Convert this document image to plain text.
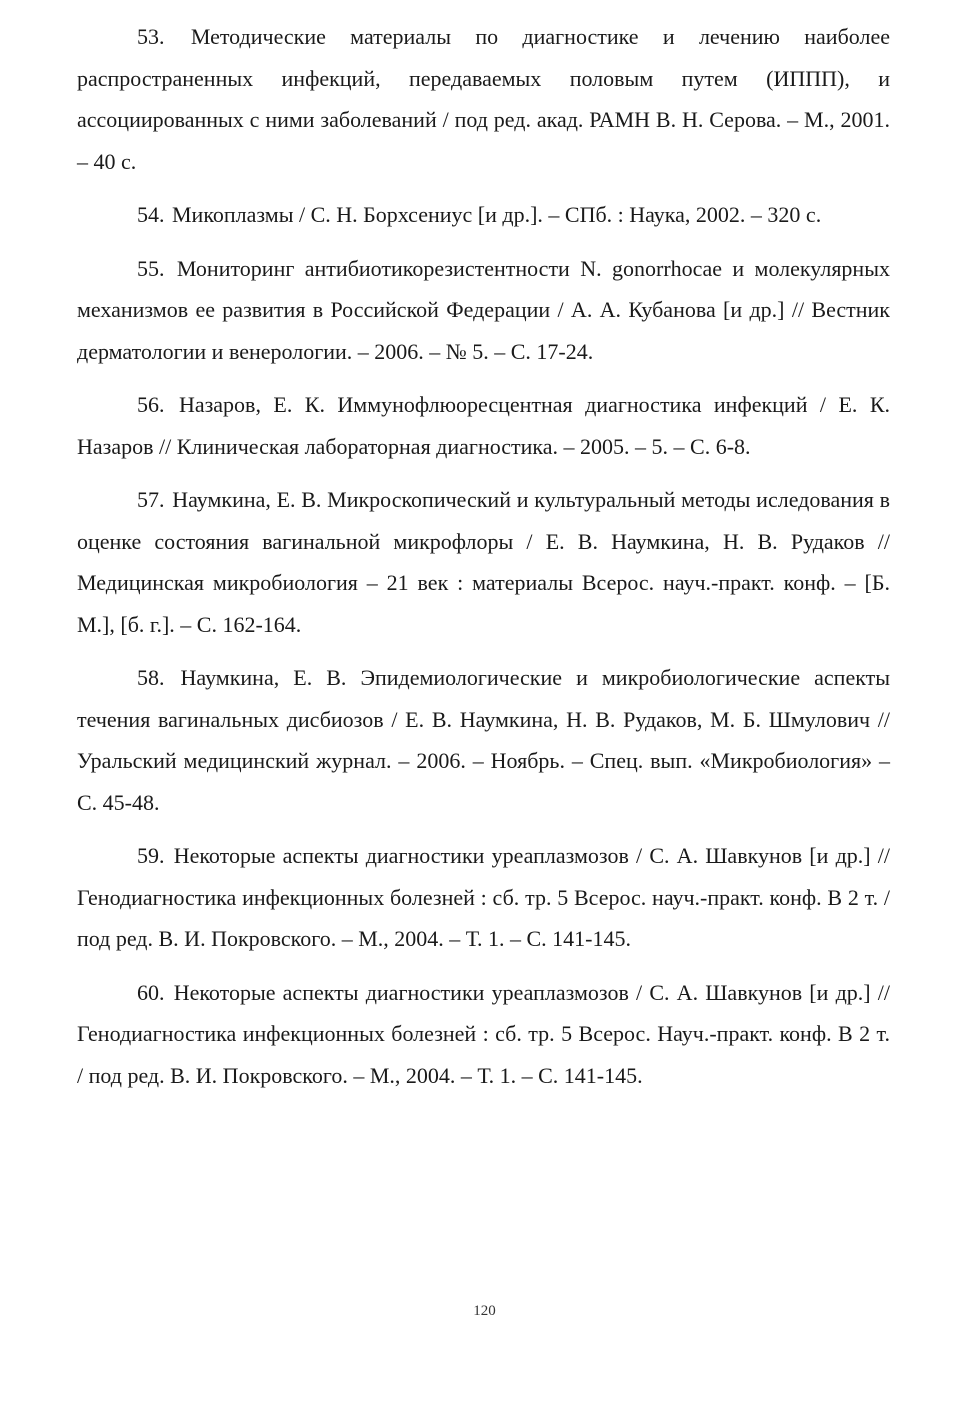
53. Методические материалы по диагностике и лечению наиболее распространенных инфекций, передаваемых половым путем (ИППП), и ассоциированных с ними заболеваний / под ред. акад. РАМН В. Н. Серова. – М., 2001. – 40 с.

54. Микоплазмы / С. Н. Борхсениус [и др.]. – СПб. : Наука, 2002. – 320 с.

55. Мониторинг антибиотикорезистентности N. gonorrhocae и молекулярных механизмов ее развития в Российской Федерации / А. А. Кубанова [и др.] // Вестник дерматологии и венерологии. – 2006. – № 5. – С. 17-24.

56. Назаров, Е. К. Иммунофлюоресцентная диагностика инфекций / Е. К. Назаров // Клиническая лабораторная диагностика. – 2005. – 5. – С. 6-8.

57. Наумкина, Е. В. Микроскопический и культуральный методы иследования в оценке состояния вагинальной микрофлоры / Е. В. Наумкина, Н. В. Рудаков // Медицинская микробиология – 21 век : материалы Всерос. науч.-практ. конф. – [Б. М.], [б. г.]. – С. 162-164.

58. Наумкина, Е. В. Эпидемиологические и микробиологические аспекты течения вагинальных дисбиозов / Е. В. Наумкина, Н. В. Рудаков, М. Б. Шмулович // Уральский медицинский журнал. – 2006. – Ноябрь. – Спец. вып. «Микробиология» – С. 45-48.

59. Некоторые аспекты диагностики уреаплазмозов / С. А. Шавкунов [и др.] // Генодиагностика инфекционных болезней : сб. тр. 5 Всерос. науч.-практ. конф. В 2 т. / под ред. В. И. Покровского. – М., 2004. – Т. 1. – С. 141-145.

60. Некоторые аспекты диагностики уреаплазмозов / С. А. Шавкунов [и др.] // Генодиагностика инфекционных болезней : сб. тр. 5 Всерос. Науч.-практ. конф. В 2 т. / под ред. В. И. Покровского. – М., 2004. – Т. 1. – С. 141-145.

120
